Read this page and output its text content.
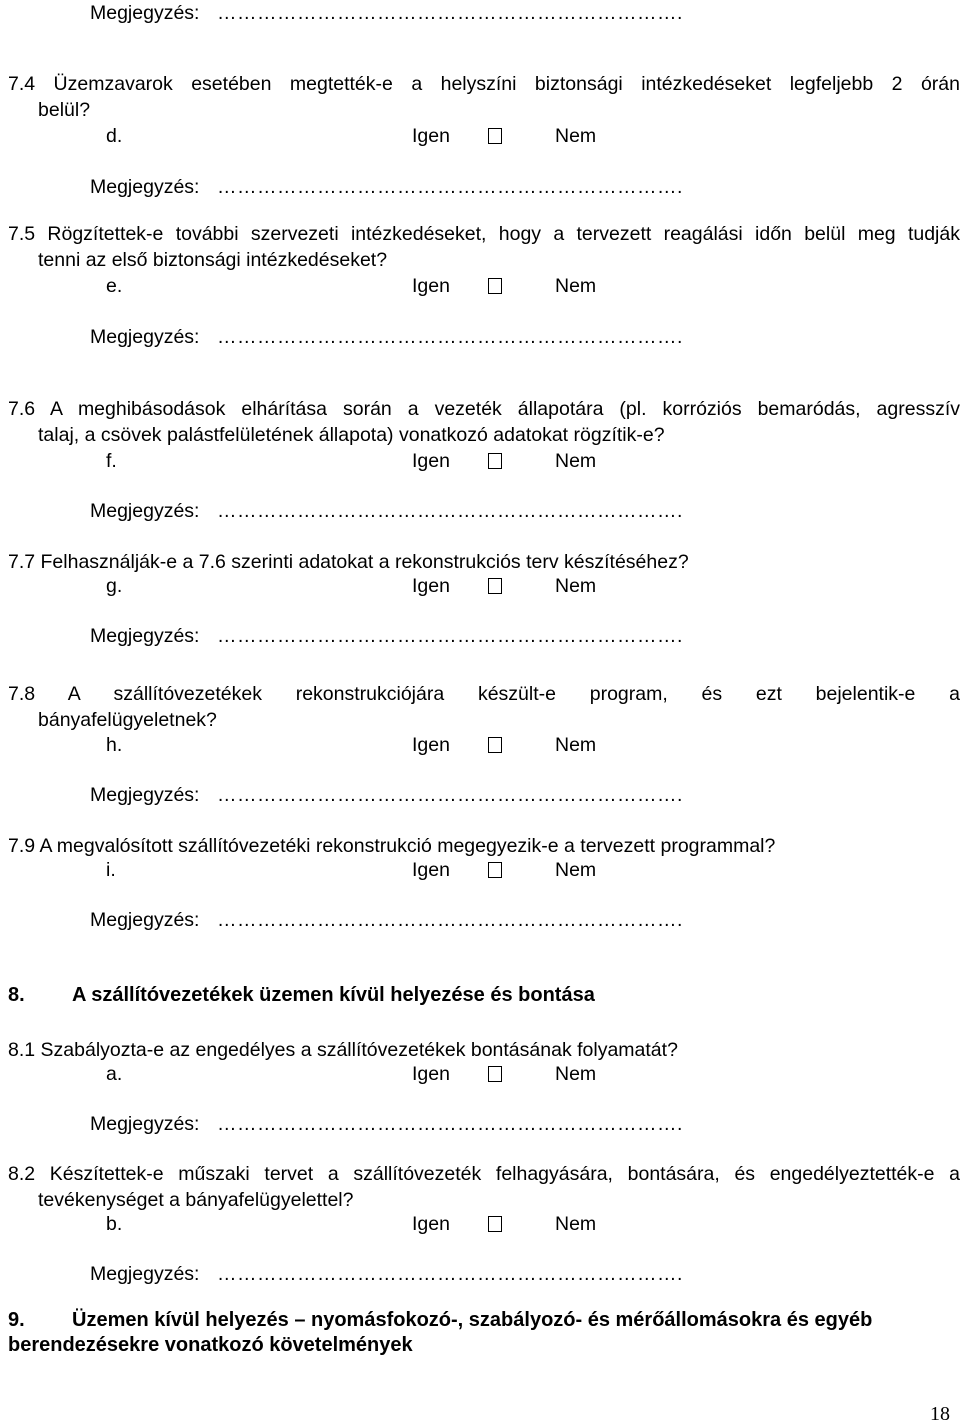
Megjegyzés: …………………………………………………………….
7.4 Üzemzavarok esetében megtették-e a helyszíni biztonsági intézkedéseket legfeljebb 2 órán
belül?
d.	Igen	Nem
Megjegyzés: …………………………………………………………….
7.5 Rögzítettek-e további szervezeti intézkedéseket, hogy a tervezett reagálási időn belül meg tudják
tenni az első biztonsági intézkedéseket?
e.	Igen	Nem
Megjegyzés: …………………………………………………………….
7.6 A meghibásodások elhárítása során a vezeték állapotára (pl. korróziós bemaródás, agresszív
talaj, a csövek palástfelületének állapota) vonatkozó adatokat rögzítik-e?
f.	Igen	Nem
Megjegyzés: …………………………………………………………….
7.7 Felhasználják-e a 7.6 szerinti adatokat a rekonstrukciós terv készítéséhez?
g.	Igen	Nem
Megjegyzés: …………………………………………………………….
7.8 A szállítóvezetékek rekonstrukciójára készült-e program, és ezt bejelentik-e a
bányafelügyeletnek?
h.	Igen	Nem
Megjegyzés: …………………………………………………………….
7.9 A megvalósított szállítóvezetéki rekonstrukció megegyezik-e a tervezett programmal?
i.	Igen	Nem
Megjegyzés: …………………………………………………………….
8. A szállítóvezetékek üzemen kívül helyezése és bontása
8.1 Szabályozta-e az engedélyes a szállítóvezetékek bontásának folyamatát?
a.	Igen	Nem
Megjegyzés: …………………………………………………………….
8.2 Készítettek-e műszaki tervet a szállítóvezeték felhagyására, bontására, és engedélyeztették-e a
tevékenységet a bányafelügyelettel?
b.	Igen	Nem
Megjegyzés: …………………………………………………………….
9. Üzemen kívül helyezés – nyomásfokozó-, szabályozó- és mérőállomásokra és egyéb
berendezésekre vonatkozó követelmények
18
